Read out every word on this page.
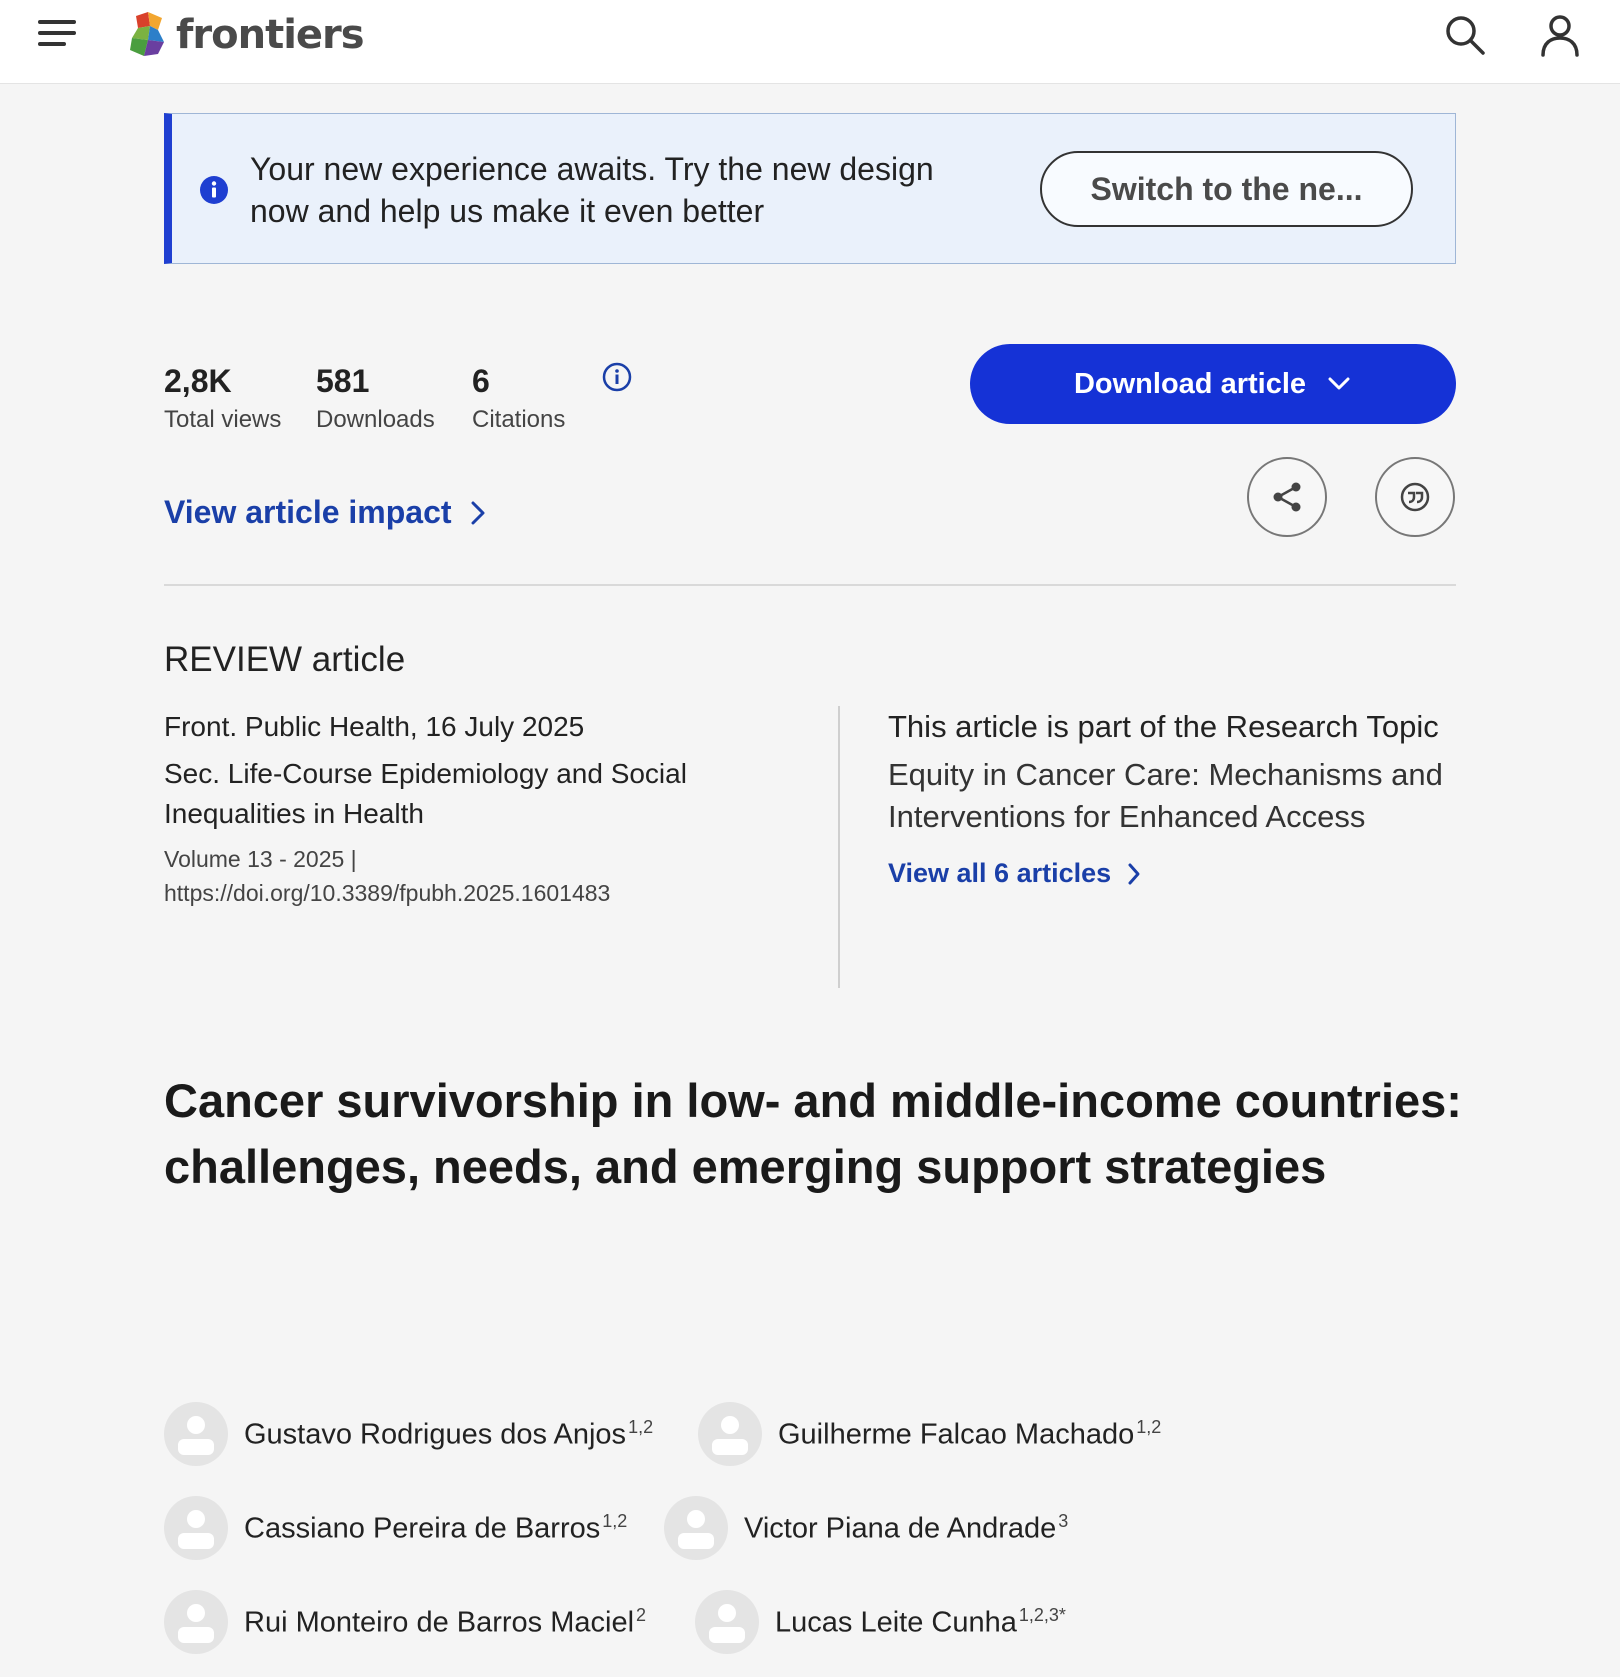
frontiers
Your new experience awaits. Try the new design now and help us make it even better
Switch to the ne...
2,8K
Total views
581
Downloads
6
Citations
Download article
View article impact
REVIEW article
Front. Public Health, 16 July 2025
Sec. Life-Course Epidemiology and Social Inequalities in Health
Volume 13 - 2025 |
https://doi.org/10.3389/fpubh.2025.1601483
This article is part of the Research Topic
Equity in Cancer Care: Mechanisms and Interventions for Enhanced Access
View all 6 articles
Cancer survivorship in low- and middle-income countries: challenges, needs, and emerging support strategies
Gustavo Rodrigues dos Anjos $^{1,2}$	Guilherme Falcao Machado $^{1,2}$
Cassiano Pereira de Barros $^{1,2}$	Victor Piana de Andrade $^3$
Rui Monteiro de Barros Maciel $^2$	Lucas Leite Cunha $^{1,2,3*}$
